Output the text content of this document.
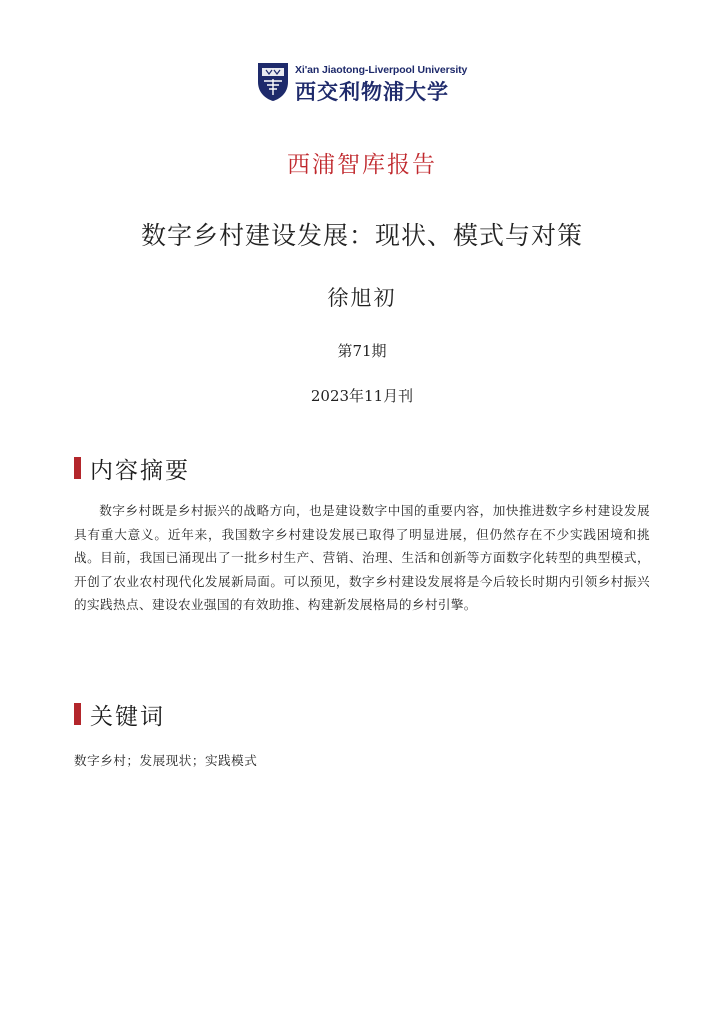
Xi'an Jiaotong-Liverpool University
西交利物浦大学
西浦智库报告
数字乡村建设发展：现状、模式与对策
徐旭初
第71期
2023年11月刊
内容摘要

数字乡村既是乡村振兴的战略方向，也是建设数字中国的重要内容，加快推进数字乡村建设发展具有重大意义。近年来，我国数字乡村建设发展已取得了明显进展，但仍然存在不少实践困境和挑战。目前，我国已涌现出了一批乡村生产、营销、治理、生活和创新等方面数字化转型的典型模式，开创了农业农村现代化发展新局面。可以预见，数字乡村建设发展将是今后较长时期内引领乡村振兴的实践热点、建设农业强国的有效助推、构建新发展格局的乡村引擎。

关键词
数字乡村；发展现状；实践模式
